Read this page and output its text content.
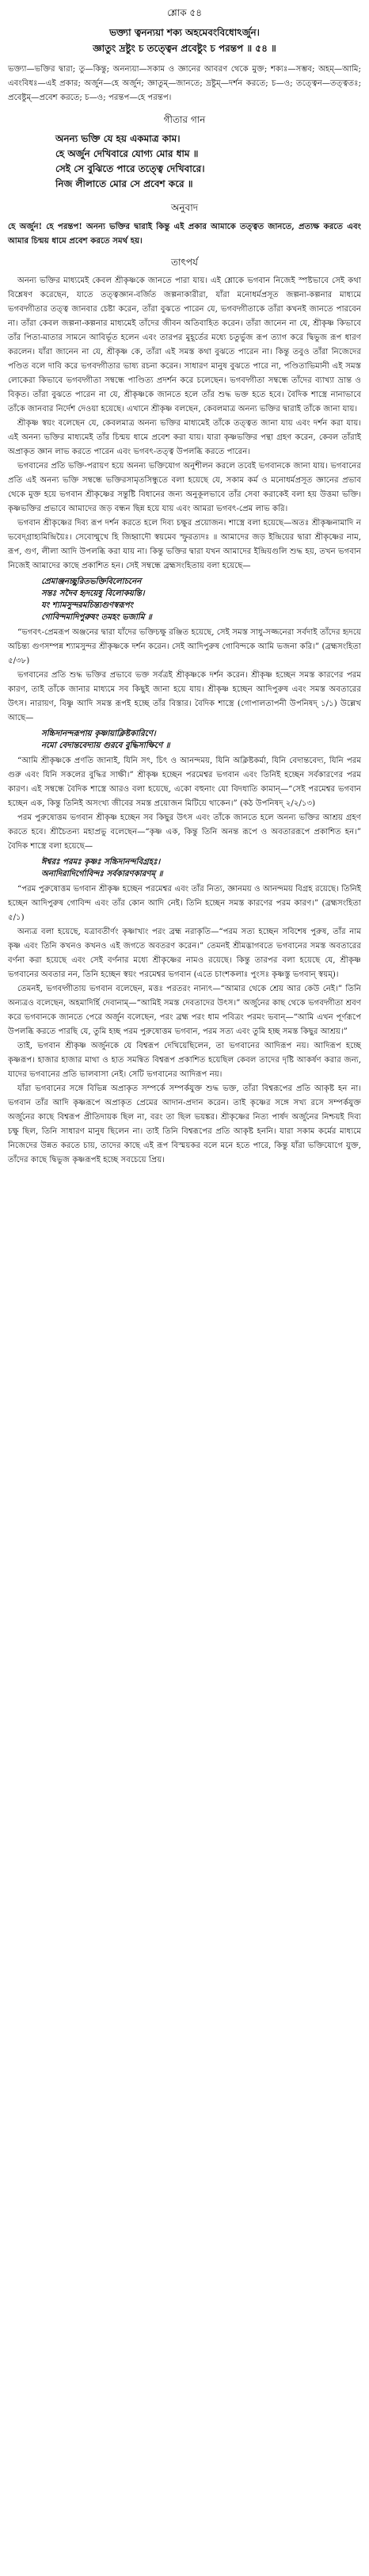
শ্লোক ৫৪
ভক্ত্যা ত্বনন্যয়া শক্য অহমেবংবিধোঽর্জুন।
জ্ঞাতুং দ্রষ্টুং চ তত্ত্বেন প্রবেষ্টুং চ পরন্তপ ॥ ৫৪ ॥

ভক্ত্যা—ভক্তির দ্বারা; তু—কিন্তু; অনন্যয়া—সকাম ও জ্ঞানের আবরণ থেকে মুক্ত; শক্যঃ—সম্ভব; অহম্—আমি; এবংবিধঃ—এই প্রকার; অর্জুন—হে অর্জুন; জ্ঞাতুম্—জানতে; দ্রষ্টুম্—দর্শন করতে; চ—ও; তত্ত্বেন—তত্ত্বতঃ; প্রবেষ্টুম্—প্রবেশ করতে; চ—ও; পরন্তপ—হে পরন্তপ।

গীতার গান
অনন্য ভক্তি যে হয় একমাত্র কাম।
হে অর্জুন দেখিবারে যোগ্য মোর ধাম ॥
সেই সে বুঝিতে পারে তত্ত্বে দেখিবারে।
নিজ লীলাতে মোর সে প্রবেশ করে ॥
অনুবাদ

হে অর্জুন! হে পরন্তপ! অনন্য ভক্তির দ্বারাই কিন্তু এই প্রকার আমাকে তত্ত্বত জানতে, প্রত্যক্ষ করতে এবং আমার চিন্ময় ধামে প্রবেশ করতে সমর্থ হয়।

তাৎপর্য

অনন্য ভক্তির মাধ্যমেই কেবল শ্রীকৃষ্ণকে জানতে পারা যায়। এই শ্লোকে ভগবান নিজেই স্পষ্টভাবে সেই কথা বিশ্লেষণ করেছেন, যাতে তত্ত্বজ্ঞান-বর্জিত জল্পনাকারীরা, যাঁরা মনোধর্মপ্রসূত জল্পনা-কল্পনার মাধ্যমে ভগবদ্গীতার তত্ত্ব জানবার চেষ্টা করেন, তাঁরা বুঝতে পারেন যে, ভগবদ্গীতাকে তাঁরা কখনই জানতে পারবেন না। তাঁরা কেবল জল্পনা-কল্পনার মাধ্যমেই তাঁদের জীবন অতিবাহিত করেন। তাঁরা জানেন না যে, শ্রীকৃষ্ণ কিভাবে তাঁর পিতা-মাতার সামনে আবির্ভূত হলেন এবং তারপর মুহূর্তের মধ্যে চতুর্ভুজ রূপ ত্যাগ করে দ্বিভুজ রূপ ধারণ করলেন। যাঁরা জানেন না যে, শ্রীকৃষ্ণ কে, তাঁরা এই সমস্ত কথা বুঝতে পারেন না। কিন্তু তবুও তাঁরা নিজেদের পণ্ডিত বলে দাবি করে ভগবদ্গীতার ভাষ্য রচনা করেন। সাধারণ মানুষ বুঝতে পারে না, পণ্ডিতাভিমানী এই সমস্ত লোকেরা কিভাবে ভগবদ্গীতা সম্বন্ধে পাণ্ডিত্য প্রদর্শন করে চলেছেন। ভগবদ্গীতা সম্বন্ধে তাঁদের ব্যাখ্যা ভ্রান্ত ও বিকৃত। তাঁরা বুঝতে পারেন না যে, শ্রীকৃষ্ণকে জানতে হলে তাঁর শুদ্ধ ভক্ত হতে হবে। বৈদিক শাস্ত্রে নানাভাবে তাঁকে জানবার নির্দেশ দেওয়া হয়েছে। এখানে শ্রীকৃষ্ণ বলছেন, কেবলমাত্র অনন্য ভক্তির দ্বারাই তাঁকে জানা যায়।

শ্রীকৃষ্ণ স্বয়ং বলেছেন যে, কেবলমাত্র অনন্য ভক্তির মাধ্যমেই তাঁকে তত্ত্বত জানা যায় এবং দর্শন করা যায়। এই অনন্য ভক্তির মাধ্যমেই তাঁর চিন্ময় ধামে প্রবেশ করা যায়। যারা কৃষ্ণভক্তির পন্থা গ্রহণ করেন, কেবল তাঁরাই অপ্রাকৃত জ্ঞান লাভ করতে পারেন এবং ভগবৎ-তত্ত্ব উপলব্ধি করতে পারেন।

ভগবানের প্রতি ভক্তি-পরায়ণ হয়ে অনন্য ভক্তিযোগ অনুশীলন করলে তবেই ভগবানকে জানা যায়। ভগবানের প্রতি এই অনন্য ভক্তি সম্বন্ধে ভক্তিরসামৃতসিন্ধুতে বলা হয়েছে যে, সকাম কর্ম ও মনোধর্মপ্রসূত জ্ঞানের প্রভাব থেকে মুক্ত হয়ে ভগবান শ্রীকৃষ্ণের সন্তুষ্টি বিধানের জন্য অনুকূলভাবে তাঁর সেবা করাকেই বলা হয় উত্তমা ভক্তি। কৃষ্ণভক্তির প্রভাবে আমাদের জড় বন্ধন ছিন্ন হয়ে যায় এবং আমরা ভগবৎ-প্রেম লাভ করি।

ভগবান শ্রীকৃষ্ণের দিব্য রূপ দর্শন করতে হলে দিব্য চক্ষুর প্রয়োজন। শাস্ত্রে বলা হয়েছে—অতঃ শ্রীকৃষ্ণনামাদি ন ভবেদ্‌গ্রাহ্যমিন্দ্রিয়ৈঃ। সেবোন্মুখে হি জিহ্বাদৌ স্বয়মেব স্ফুরত্যদঃ ॥ আমাদের জড় ইন্দ্রিয়ের দ্বারা শ্রীকৃষ্ণের নাম, রূপ, গুণ, লীলা আদি উপলব্ধি করা যায় না। কিন্তু ভক্তির দ্বারা যখন আমাদের ইন্দ্রিয়গুলি শুদ্ধ হয়, তখন ভগবান নিজেই আমাদের কাছে প্রকাশিত হন। সেই সম্বন্ধে ব্রহ্মসংহিতায় বলা হয়েছে—

প্রেমাঞ্জনচ্ছুরিতভক্তিবিলোচনেন
সন্তঃ সদৈব হৃদয়েষু বিলোকয়ন্তি।
যং শ্যামসুন্দরমচিন্ত্যগুণস্বরূপং
গোবিন্দমাদিপুরুষং তমহং ভজামি ॥

“ভগবৎ-প্রেমরূপ অঞ্জনের দ্বারা যাঁদের ভক্তিচক্ষু রঞ্জিত হয়েছে, সেই সমস্ত সাধু-সজ্জনেরা সর্বদাই তাঁদের হৃদয়ে অচিন্ত্য গুণসম্পন্ন শ্যামসুন্দর শ্রীকৃষ্ণকে দর্শন করেন। সেই আদিপুরুষ গোবিন্দকে আমি ভজনা করি।” (ব্রহ্মসংহিতা ৫/৩৮)

ভগবানের প্রতি শুদ্ধ ভক্তির প্রভাবে ভক্ত সর্বত্রই শ্রীকৃষ্ণকে দর্শন করেন। শ্রীকৃষ্ণ হচ্ছেন সমস্ত কারণের পরম কারণ, তাই তাঁকে জানার মাধ্যমে সব কিছুই জানা হয়ে যায়। শ্রীকৃষ্ণ হচ্ছেন আদিপুরুষ এবং সমস্ত অবতারের উৎস। নারায়ণ, বিষ্ণু আদি সমস্ত রূপই হচ্ছে তাঁর বিস্তার। বৈদিক শাস্ত্রে (গোপালতাপনী উপনিষদ্‌ ১/১) উল্লেখ আছে—

সচ্চিদানন্দরূপায় কৃষ্ণায়াক্লিষ্টকারিণে।
নমো বেদান্তবেদ্যায় গুরবে বুদ্ধিসাক্ষিণে ॥

“আমি শ্রীকৃষ্ণকে প্রণতি জানাই, যিনি সৎ, চিৎ ও আনন্দময়, যিনি অক্লিষ্টকর্মা, যিনি বেদান্তবেদ্য, যিনি পরম গুরু এবং যিনি সকলের বুদ্ধির সাক্ষী।” শ্রীকৃষ্ণ হচ্ছেন পরমেশ্বর ভগবান এবং তিনিই হচ্ছেন সর্বকারণের পরম কারণ। এই সম্বন্ধে বৈদিক শাস্ত্রে আরও বলা হয়েছে, একো বহুনাং যো বিদধাতি কামান্‌—“সেই পরমেশ্বর ভগবান হচ্ছেন এক, কিন্তু তিনিই অসংখ্য জীবের সমস্ত প্রয়োজন মিটিয়ে থাকেন।” (কঠ উপনিষদ্‌ ২/২/১৩)

পরম পুরুষোত্তম ভগবান শ্রীকৃষ্ণ হচ্ছেন সব কিছুর উৎস এবং তাঁকে জানতে হলে অনন্য ভক্তির আশ্রয় গ্রহণ করতে হবে। শ্রীচৈতন্য মহাপ্রভু বলেছেন—“কৃষ্ণ এক, কিন্তু তিনি অনন্ত রূপে ও অবতাররূপে প্রকাশিত হন।” বৈদিক শাস্ত্রে বলা হয়েছে—

ঈশ্বরঃ পরমঃ কৃষ্ণঃ সচ্চিদানন্দবিগ্রহঃ।
অনাদিরাদির্গোবিন্দঃ সর্বকারণকারণম্ ॥

“পরম পুরুষোত্তম ভগবান শ্রীকৃষ্ণ হচ্ছেন পরমেশ্বর এবং তাঁর নিত্য, জ্ঞানময় ও আনন্দময় বিগ্রহ রয়েছে। তিনিই হচ্ছেন আদিপুরুষ গোবিন্দ এবং তাঁর কোন আদি নেই। তিনি হচ্ছেন সমস্ত কারণের পরম কারণ।” (ব্রহ্মসংহিতা ৫/১)

অন্যত্র বলা হয়েছে, যত্রাবতীর্ণং কৃষ্ণাখ্যং পরং ব্রহ্ম নরাকৃতি—“পরম সত্য হচ্ছেন সবিশেষ পুরুষ, তাঁর নাম কৃষ্ণ এবং তিনি কখনও কখনও এই জগতে অবতরণ করেন।” তেমনই শ্রীমদ্ভাগবতে ভগবানের সমস্ত অবতারের বর্ণনা করা হয়েছে এবং সেই বর্ণনার মধ্যে শ্রীকৃষ্ণের নামও রয়েছে। কিন্তু তারপর বলা হয়েছে যে, শ্রীকৃষ্ণ ভগবানের অবতার নন, তিনি হচ্ছেন স্বয়ং পরমেশ্বর ভগবান (এতে চাংশকলাঃ পুংসঃ কৃষ্ণস্তু ভগবান্‌ স্বয়ম্)।

তেমনই, ভগবদ্গীতায় ভগবান বলেছেন, মত্তঃ পরতরং নান্যৎ—“আমার থেকে শ্রেয় আর কেউ নেই।” তিনি অন্যত্রও বলেছেন, অহমাদির্হি দেবানাম্‌—“আমিই সমস্ত দেবতাদের উৎস।” অর্জুনের কাছ থেকে ভগবদ্গীতা শ্রবণ করে ভগবানকে জানতে পেরে অর্জুন বলেছেন, পরং ব্রহ্ম পরং ধাম পবিত্রং পরমং ভবান্‌—“আমি এখন পূর্ণরূপে উপলব্ধি করতে পারছি যে, তুমি হচ্ছ পরম পুরুষোত্তম ভগবান, পরম সত্য এবং তুমি হচ্ছ সমস্ত কিছুর আশ্রয়।”

তাই, ভগবান শ্রীকৃষ্ণ অর্জুনকে যে বিশ্বরূপ দেখিয়েছিলেন, তা ভগবানের আদিরূপ নয়। আদিরূপ হচ্ছে কৃষ্ণরূপ। হাজার হাজার মাথা ও হাত সমন্বিত বিশ্বরূপ প্রকাশিত হয়েছিল কেবল তাদের দৃষ্টি আকর্ষণ করার জন্য, যাদের ভগবানের প্রতি ভালবাসা নেই। সেটি ভগবানের আদিরূপ নয়।

যাঁরা ভগবানের সঙ্গে বিভিন্ন অপ্রাকৃত সম্পর্কে সম্পর্কযুক্ত শুদ্ধ ভক্ত, তাঁরা বিশ্বরূপের প্রতি আকৃষ্ট হন না। ভগবান তাঁর আদি কৃষ্ণরূপে অপ্রাকৃত প্রেমের আদান-প্রদান করেন। তাই কৃষ্ণের সঙ্গে সখ্য রসে সম্পর্কযুক্ত অর্জুনের কাছে বিশ্বরূপ প্রীতিদায়ক ছিল না, বরং তা ছিল ভয়ঙ্কর। শ্রীকৃষ্ণের নিত্য পার্ষদ অর্জুনের নিশ্চয়ই দিব্য চক্ষু ছিল, তিনি সাধারণ মানুষ ছিলেন না। তাই তিনি বিশ্বরূপের প্রতি আকৃষ্ট হননি। যারা সকাম কর্মের মাধ্যমে নিজেদের উন্নত করতে চায়, তাদের কাছে এই রূপ বিস্ময়কর বলে মনে হতে পারে, কিন্তু যাঁরা ভক্তিযোগে যুক্ত, তাঁদের কাছে দ্বিভুজ কৃষ্ণরূপই হচ্ছে সবচেয়ে প্রিয়।
